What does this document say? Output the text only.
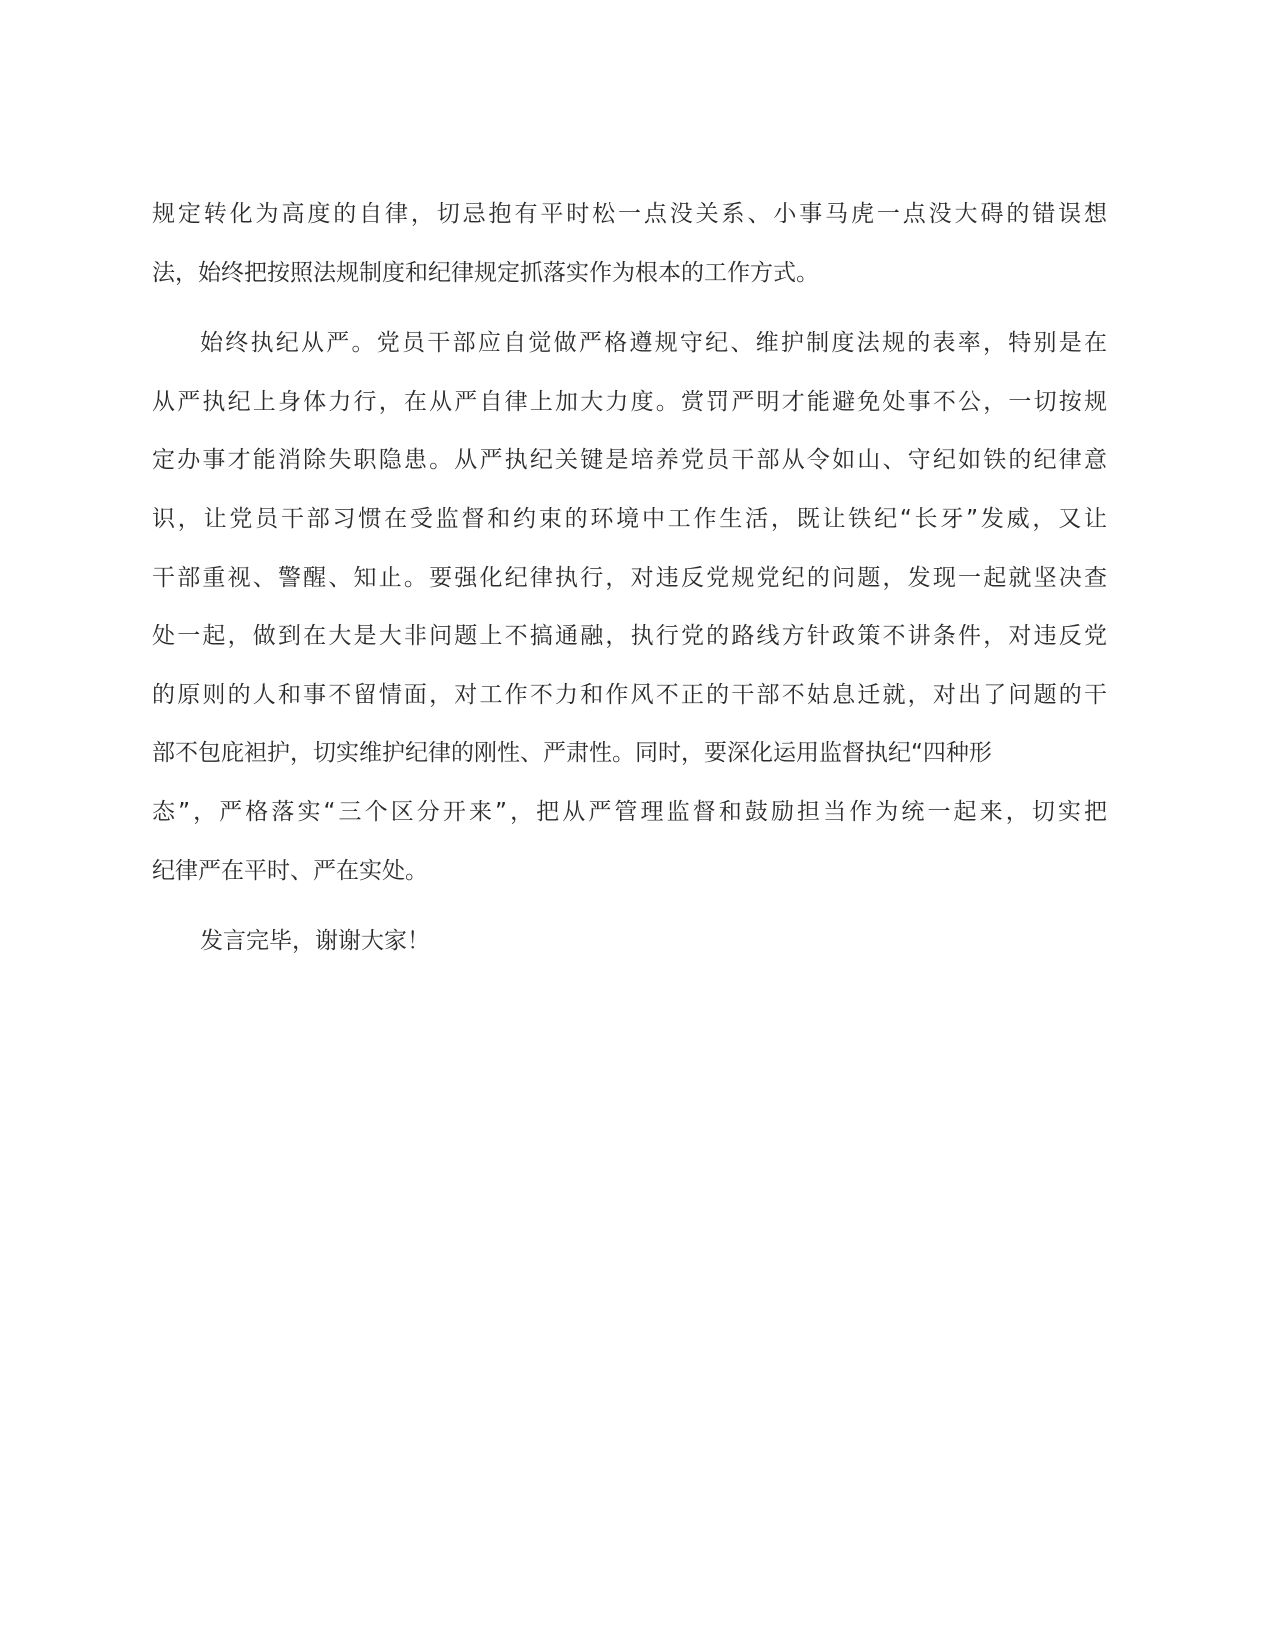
规定转化为高度的自律，切忌抱有平时松一点没关系、小事马虎一点没大碍的错误想
法，始终把按照法规制度和纪律规定抓落实作为根本的工作方式。
始终执纪从严。党员干部应自觉做严格遵规守纪、维护制度法规的表率，特别是在
从严执纪上身体力行，在从严自律上加大力度。赏罚严明才能避免处事不公，一切按规
定办事才能消除失职隐患。从严执纪关键是培养党员干部从令如山、守纪如铁的纪律意
识，让党员干部习惯在受监督和约束的环境中工作生活，既让铁纪“长牙”发威，又让
干部重视、警醒、知止。要强化纪律执行，对违反党规党纪的问题，发现一起就坚决查
处一起，做到在大是大非问题上不搞通融，执行党的路线方针政策不讲条件，对违反党
的原则的人和事不留情面，对工作不力和作风不正的干部不姑息迁就，对出了问题的干
部不包庇袒护，切实维护纪律的刚性、严肃性。同时，要深化运用监督执纪“四种形
态”，严格落实“三个区分开来”，把从严管理监督和鼓励担当作为统一起来，切实把
纪律严在平时、严在实处。
发言完毕，谢谢大家！
